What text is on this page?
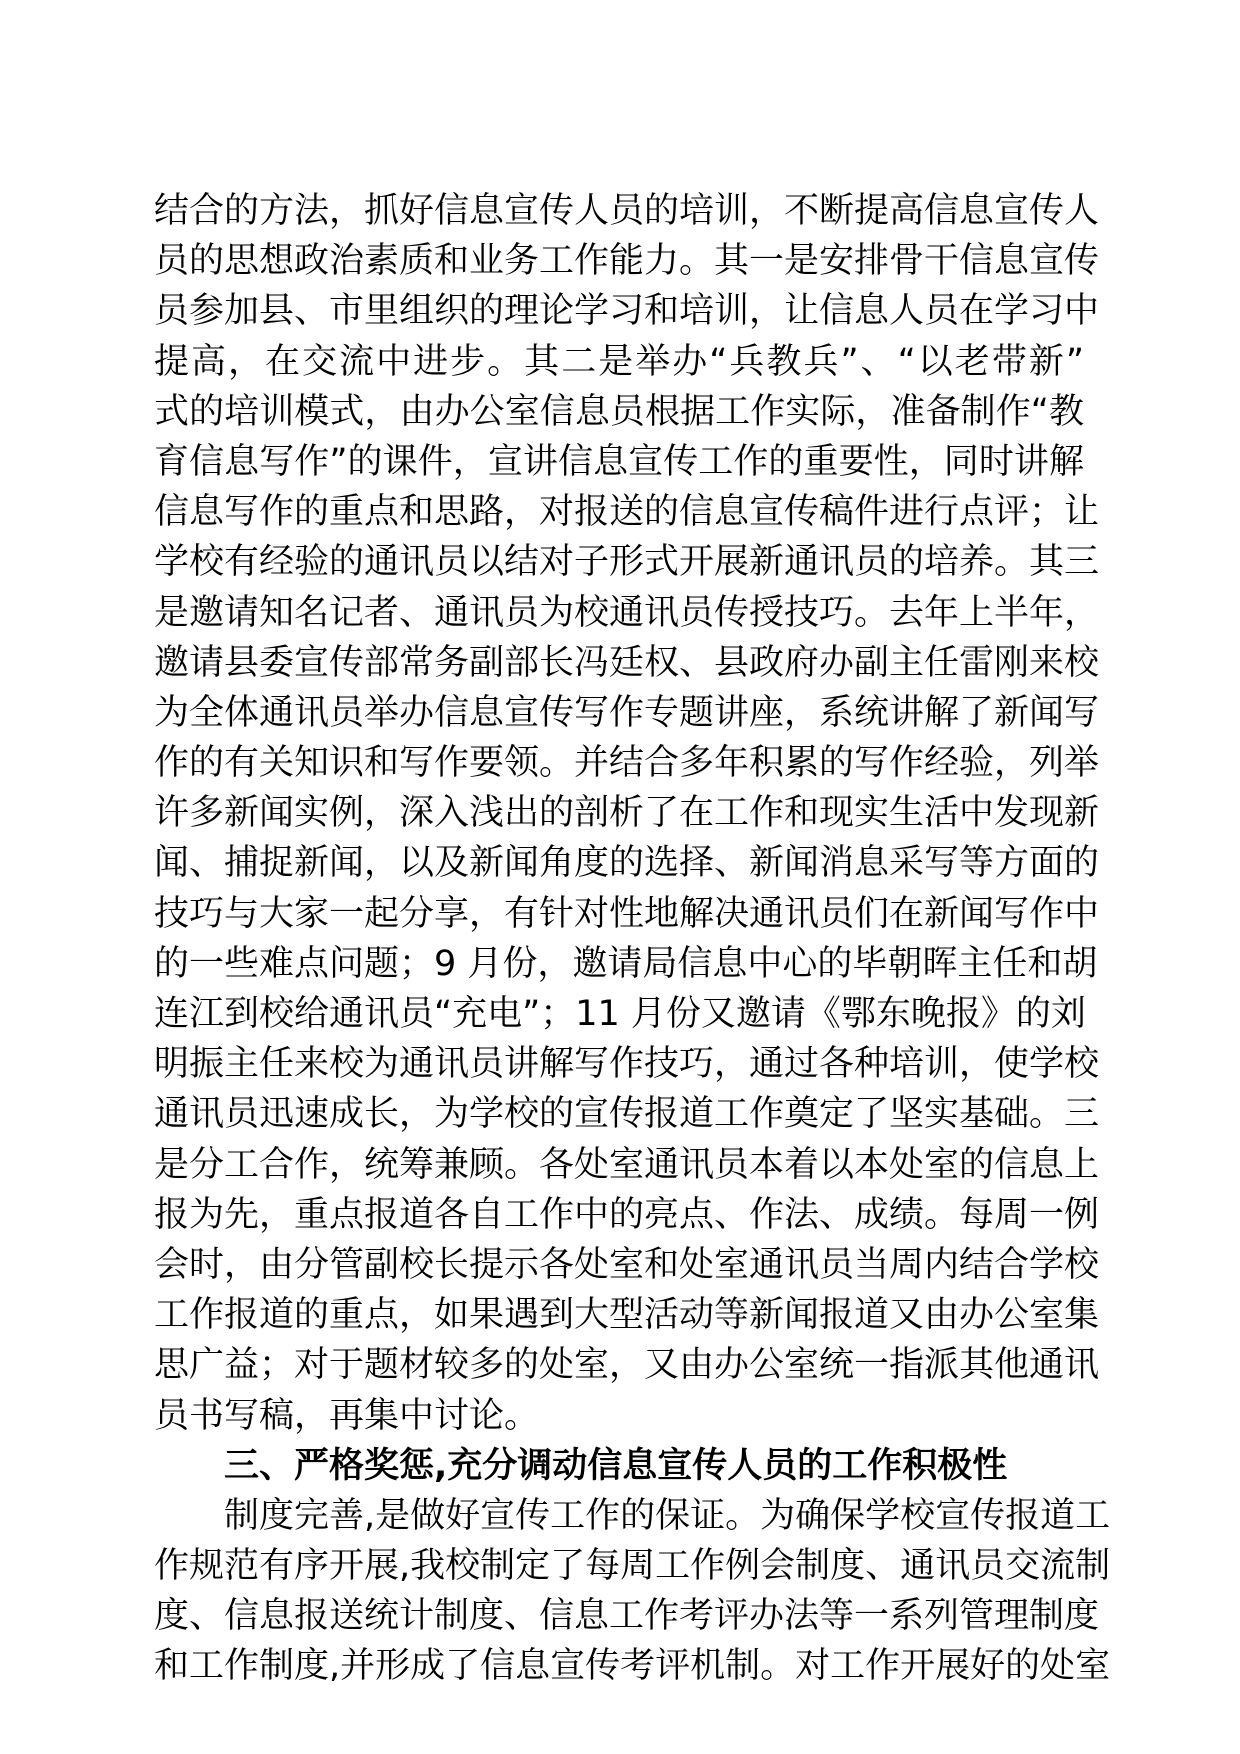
结合的方法，抓好信息宣传人员的培训，不断提高信息宣传人
员的思想政治素质和业务工作能力。其一是安排骨干信息宣传
员参加县、市里组织的理论学习和培训，让信息人员在学习中
提高，在交流中进步。其二是举办“兵教兵”、“以老带新”
式的培训模式，由办公室信息员根据工作实际，准备制作“教
育信息写作”的课件，宣讲信息宣传工作的重要性，同时讲解
信息写作的重点和思路，对报送的信息宣传稿件进行点评；让
学校有经验的通讯员以结对子形式开展新通讯员的培养。其三
是邀请知名记者、通讯员为校通讯员传授技巧。去年上半年，
邀请县委宣传部常务副部长冯廷权、县政府办副主任雷刚来校
为全体通讯员举办信息宣传写作专题讲座，系统讲解了新闻写
作的有关知识和写作要领。并结合多年积累的写作经验，列举
许多新闻实例，深入浅出的剖析了在工作和现实生活中发现新
闻、捕捉新闻，以及新闻角度的选择、新闻消息采写等方面的
技巧与大家一起分享，有针对性地解决通讯员们在新闻写作中
的一些难点问题；9 月份，邀请局信息中心的毕朝晖主任和胡
连江到校给通讯员“充电”；11 月份又邀请《鄂东晚报》的刘
明振主任来校为通讯员讲解写作技巧，通过各种培训，使学校
通讯员迅速成长，为学校的宣传报道工作奠定了坚实基础。三
是分工合作，统筹兼顾。各处室通讯员本着以本处室的信息上
报为先，重点报道各自工作中的亮点、作法、成绩。每周一例
会时，由分管副校长提示各处室和处室通讯员当周内结合学校
工作报道的重点，如果遇到大型活动等新闻报道又由办公室集
思广益；对于题材较多的处室，又由办公室统一指派其他通讯
员书写稿，再集中讨论。
三、严格奖惩,充分调动信息宣传人员的工作积极性
制度完善,是做好宣传工作的保证。为确保学校宣传报道工
作规范有序开展,我校制定了每周工作例会制度、通讯员交流制
度、信息报送统计制度、信息工作考评办法等一系列管理制度
和工作制度,并形成了信息宣传考评机制。对工作开展好的处室
